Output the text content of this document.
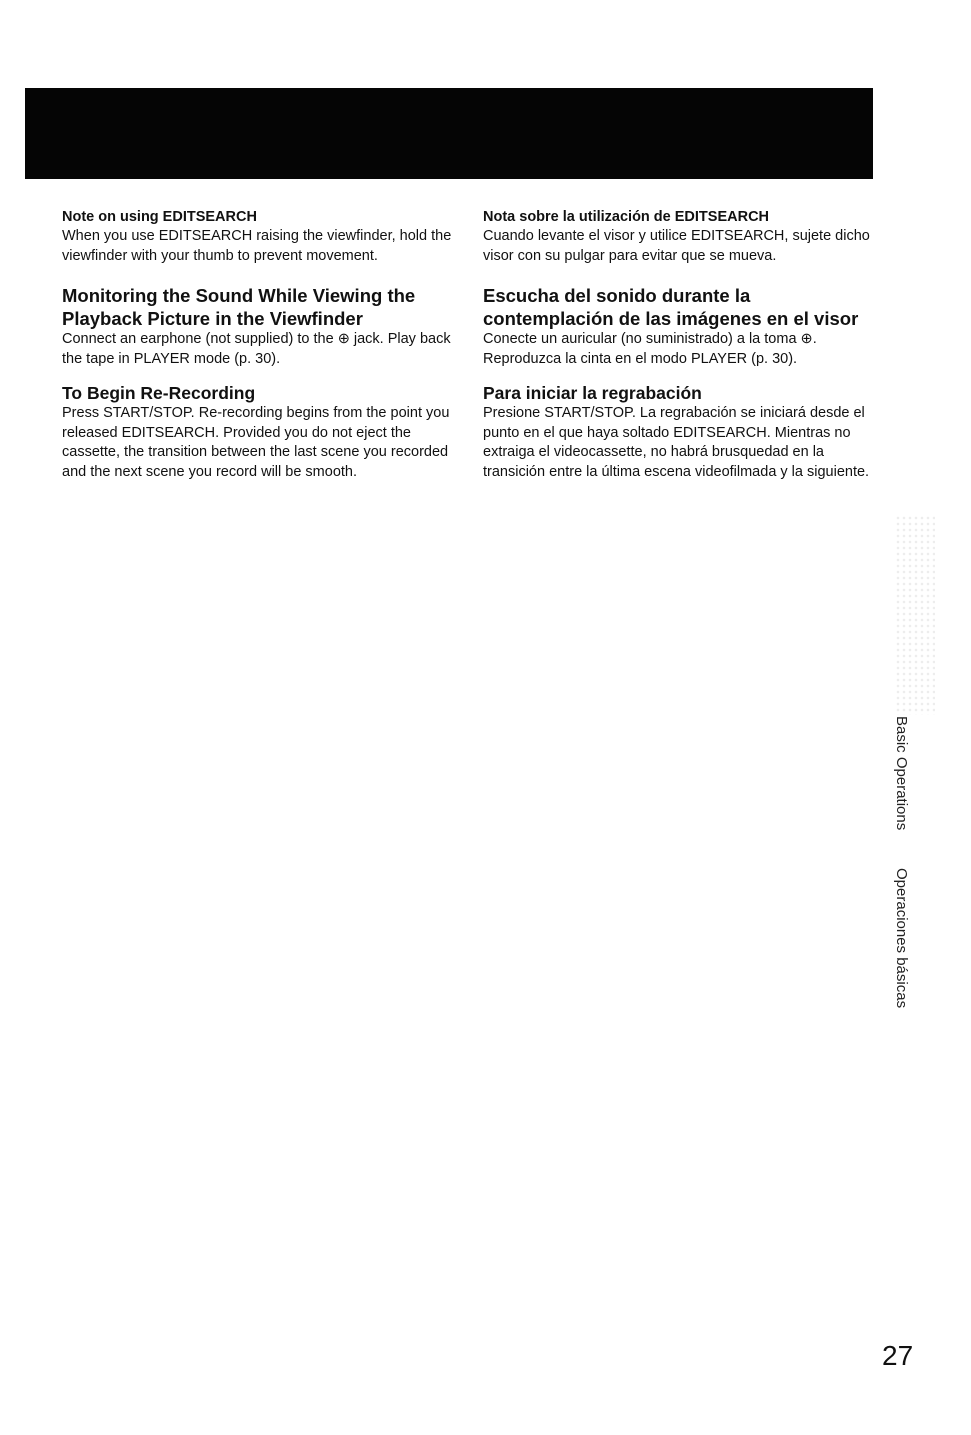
Note on using EDITSEARCH

When you use EDITSEARCH raising the viewfinder, hold the viewfinder with your thumb to prevent movement.

Monitoring the Sound While Viewing the Playback Picture in the Viewfinder

Connect an earphone (not supplied) to the ⊕ jack. Play back the tape in PLAYER mode (p. 30).

To Begin Re-Recording

Press START/STOP. Re-recording begins from the point you released EDITSEARCH. Provided you do not eject the cassette, the transition between the last scene you recorded and the next scene you record will be smooth.

Nota sobre la utilización de EDITSEARCH

Cuando levante el visor y utilice EDITSEARCH, sujete dicho visor con su pulgar para evitar que se mueva.

Escucha del sonido durante la contemplación de las imágenes en el visor

Conecte un auricular (no suministrado) a la toma ⊕. Reproduzca la cinta en el modo PLAYER (p. 30).

Para iniciar la regrabación

Presione START/STOP. La regrabación se iniciará desde el punto en el que haya soltado EDITSEARCH. Mientras no extraiga el videocassette, no habrá brusquedad en la transición entre la última escena videofilmada y la siguiente.

Basic Operations
Operaciones básicas
27
